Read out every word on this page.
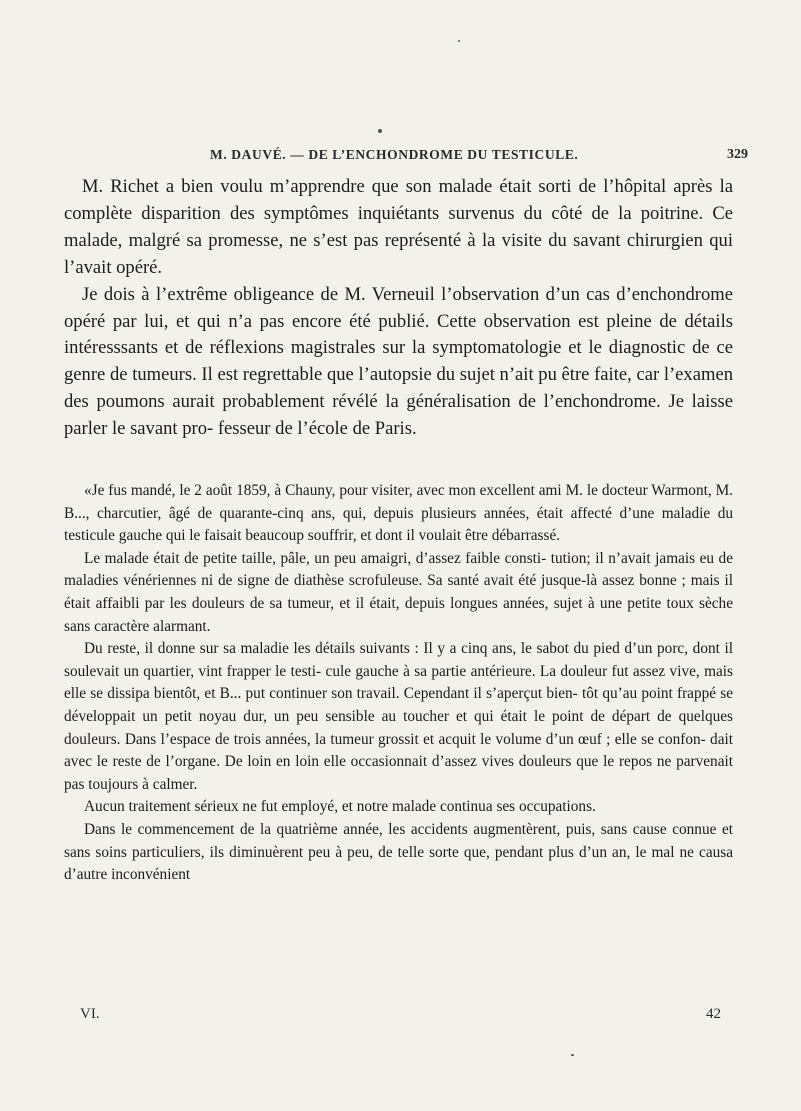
M. DAUVÉ. — DE L’ENCHONDROME DU TESTICULE.	329

M. Richet a bien voulu m’apprendre que son malade était sorti de l’hôpital après la complète disparition des symptômes inquiétants survenus du côté de la poitrine. Ce malade, malgré sa promesse, ne s’est pas représenté à la visite du savant chirurgien qui l’avait opéré.

Je dois à l’extrême obligeance de M. Verneuil l’observation d’un cas d’enchondrome opéré par lui, et qui n’a pas encore été publié. Cette observation est pleine de détails intéresssants et de réflexions magistrales sur la symptomatologie et le diagnostic de ce genre de tumeurs. Il est regrettable que l’autopsie du sujet n’ait pu être faite, car l’examen des poumons aurait probablement révélé la généralisation de l’enchondrome. Je laisse parler le savant pro- fesseur de l’école de Paris.

«Je fus mandé, le 2 août 1859, à Chauny, pour visiter, avec mon excellent ami M. le docteur Warmont, M. B..., charcutier, âgé de quarante-cinq ans, qui, depuis plusieurs années, était affecté d’une maladie du testicule gauche qui le faisait beaucoup souffrir, et dont il voulait être débarrassé.

Le malade était de petite taille, pâle, un peu amaigri, d’assez faible consti- tution; il n’avait jamais eu de maladies vénériennes ni de signe de diathèse scrofuleuse. Sa santé avait été jusque-là assez bonne ; mais il était affaibli par les douleurs de sa tumeur, et il était, depuis longues années, sujet à une petite toux sèche sans caractère alarmant.

Du reste, il donne sur sa maladie les détails suivants : Il y a cinq ans, le sabot du pied d’un porc, dont il soulevait un quartier, vint frapper le testi- cule gauche à sa partie antérieure. La douleur fut assez vive, mais elle se dissipa bientôt, et B... put continuer son travail. Cependant il s’aperçut bien- tôt qu’au point frappé se développait un petit noyau dur, un peu sensible au toucher et qui était le point de départ de quelques douleurs. Dans l’espace de trois années, la tumeur grossit et acquit le volume d’un œuf ; elle se confon- dait avec le reste de l’organe. De loin en loin elle occasionnait d’assez vives douleurs que le repos ne parvenait pas toujours à calmer.

Aucun traitement sérieux ne fut employé, et notre malade continua ses occupations.

Dans le commencement de la quatrième année, les accidents augmentèrent, puis, sans cause connue et sans soins particuliers, ils diminuèrent peu à peu, de telle sorte que, pendant plus d’un an, le mal ne causa d’autre inconvénient

VI.	42
